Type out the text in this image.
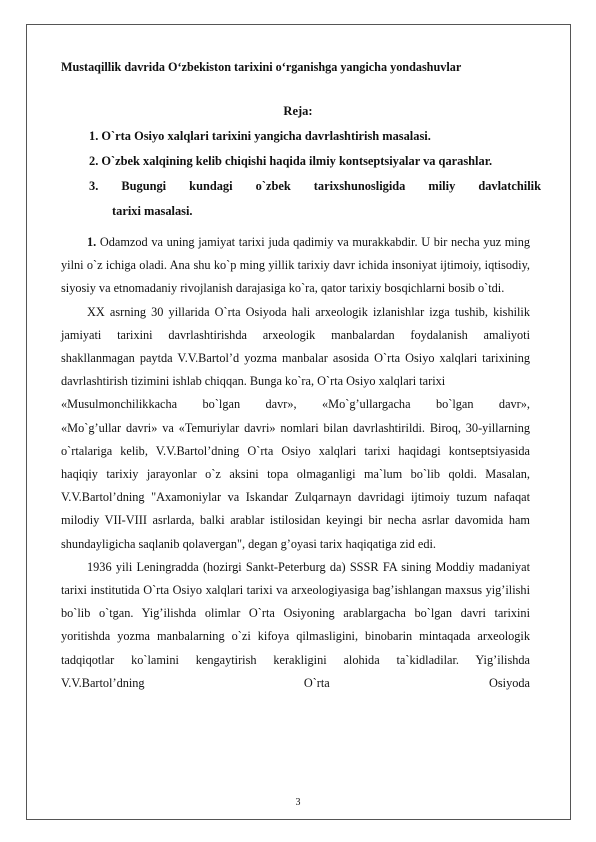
Mustaqillik davrida O‘zbekiston tarixini o‘rganishga yangicha yondashuvlar
Reja:
1. O`rta Osiyo xalqlari tarixini yangicha davrlashtirish masalasi.
2. O`zbek xalqining kelib chiqishi haqida ilmiy kontseptsiyalar va qarashlar.
3. Bugungi kundagi o`zbek tarixshunosligida miliy davlatchilik
tarixi masalasi.

1. Odamzod va uning jamiyat tarixi juda qadimiy va murakkabdir. U bir necha yuz ming yilni o`z ichiga oladi. Ana shu ko`p ming yillik tarixiy davr ichida insoniyat ijtimoiy, iqtisodiy, siyosiy va etnomadaniy rivojlanish darajasiga ko`ra, qator tarixiy bosqichlarni bosib o`tdi.

XX asrning 30 yillarida O`rta Osiyoda hali arxeologik izlanishlar izga tushib, kishilik jamiyati tarixini davrlashtirishda arxeologik manbalardan foydalanish amaliyoti shakllanmagan paytda V.V.Bartol’d yozma manbalar asosida O`rta Osiyo xalqlari tarixining davrlashtirish tizimini ishlab chiqqan. Bunga ko`ra, O`rta Osiyo xalqlari tarixi

«Musulmonchilikkacha bo`lgan davr», «Mo`g’ullargacha bo`lgan davr»,

«Mo`g’ullar davri» va «Temuriylar davri» nomlari bilan davrlashtirildi. Biroq, 30-yillarning o`rtalariga kelib, V.V.Bartol’dning O`rta Osiyo xalqlari tarixi haqidagi kontseptsiyasida haqiqiy tarixiy jarayonlar o`z aksini topa olmaganligi ma`lum bo`lib qoldi. Masalan, V.V.Bartol’dning "Axamoniylar va Iskandar Zulqarnayn davridagi ijtimoiy tuzum nafaqat milodiy VII-VIII asrlarda, balki arablar istilosidan keyingi bir necha asrlar davomida ham shundayligicha saqlanib qolavergan", degan g’oyasi tarix haqiqatiga zid edi.

1936 yili Leningradda (hozirgi Sankt-Peterburg da) SSSR FA sining Moddiy madaniyat tarixi institutida O`rta Osiyo xalqlari tarixi va arxeologiyasiga bag’ishlangan maxsus yig’ilishi bo`lib o`tgan. Yig’ilishda olimlar O`rta Osiyoning arablargacha bo`lgan davri tarixini yoritishda yozma manbalarning o`zi kifoya qilmasligini, binobarin mintaqada arxeologik tadqiqotlar ko`lamini kengaytirish kerakligini alohida ta`kidladilar. Yig’ilishda V.V.Bartol’dning O`rta Osiyoda

3
